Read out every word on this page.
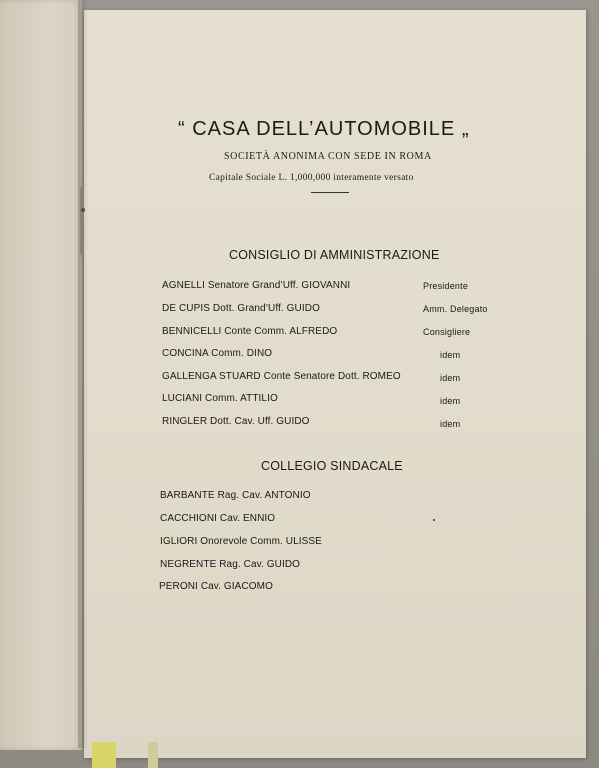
“ CASA DELL’AUTOMOBILE „
SOCIETÀ ANONIMA CON SEDE IN ROMA
Capitale Sociale L. 1,000,000 interamente versato
CONSIGLIO DI AMMINISTRAZIONE
AGNELLI Senatore Grand’Uff. GIOVANNI	Presidente
DE CUPIS Dott. Grand’Uff. GUIDO	Amm. Delegato
BENNICELLI Conte Comm. ALFREDO	Consigliere
CONCINA Comm. DINO	idem
GALLENGA STUARD Conte Senatore Dott. ROMEO	idem
LUCIANI Comm. ATTILIO	idem
RINGLER Dott. Cav. Uff. GUIDO	idem
COLLEGIO SINDACALE
BARBANTE Rag. Cav. ANTONIO
CACCHIONI Cav. ENNIO
IGLIORI Onorevole Comm. ULISSE
NEGRENTE Rag. Cav. GUIDO
PERONI Cav. GIACOMO
